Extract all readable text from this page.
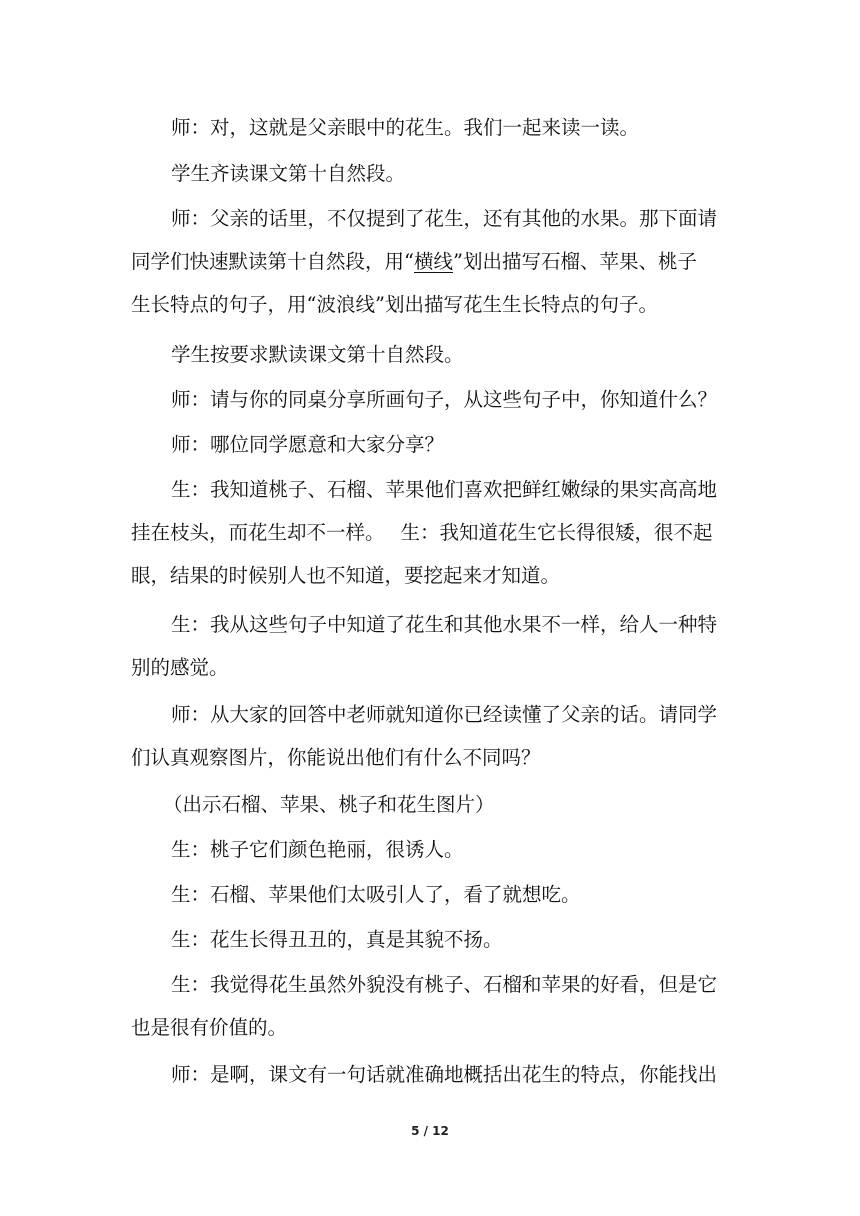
师：对，这就是父亲眼中的花生。我们一起来读一读。

学生齐读课文第十自然段。

师：父亲的话里，不仅提到了花生，还有其他的水果。那下面请
同学们快速默读第十自然段，用“横线”划出描写石榴、苹果、桃子
生长特点的句子，用“波浪线”划出描写花生生长特点的句子。

学生按要求默读课文第十自然段。

师：请与你的同桌分享所画句子，从这些句子中，你知道什么？

师：哪位同学愿意和大家分享？

生：我知道桃子、石榴、苹果他们喜欢把鲜红嫩绿的果实高高地
挂在枝头，而花生却不一样。　 生：我知道花生它长得很矮，很不起
眼，结果的时候别人也不知道，要挖起来才知道。

生：我从这些句子中知道了花生和其他水果不一样，给人一种特
别的感觉。

师：从大家的回答中老师就知道你已经读懂了父亲的话。请同学
们认真观察图片，你能说出他们有什么不同吗？

（出示石榴、苹果、桃子和花生图片）

生：桃子它们颜色艳丽，很诱人。

生：石榴、苹果他们太吸引人了，看了就想吃。

生：花生长得丑丑的，真是其貌不扬。

生：我觉得花生虽然外貌没有桃子、石榴和苹果的好看，但是它
也是很有价值的。

师：是啊，课文有一句话就准确地概括出花生的特点，你能找出

5 / 12
